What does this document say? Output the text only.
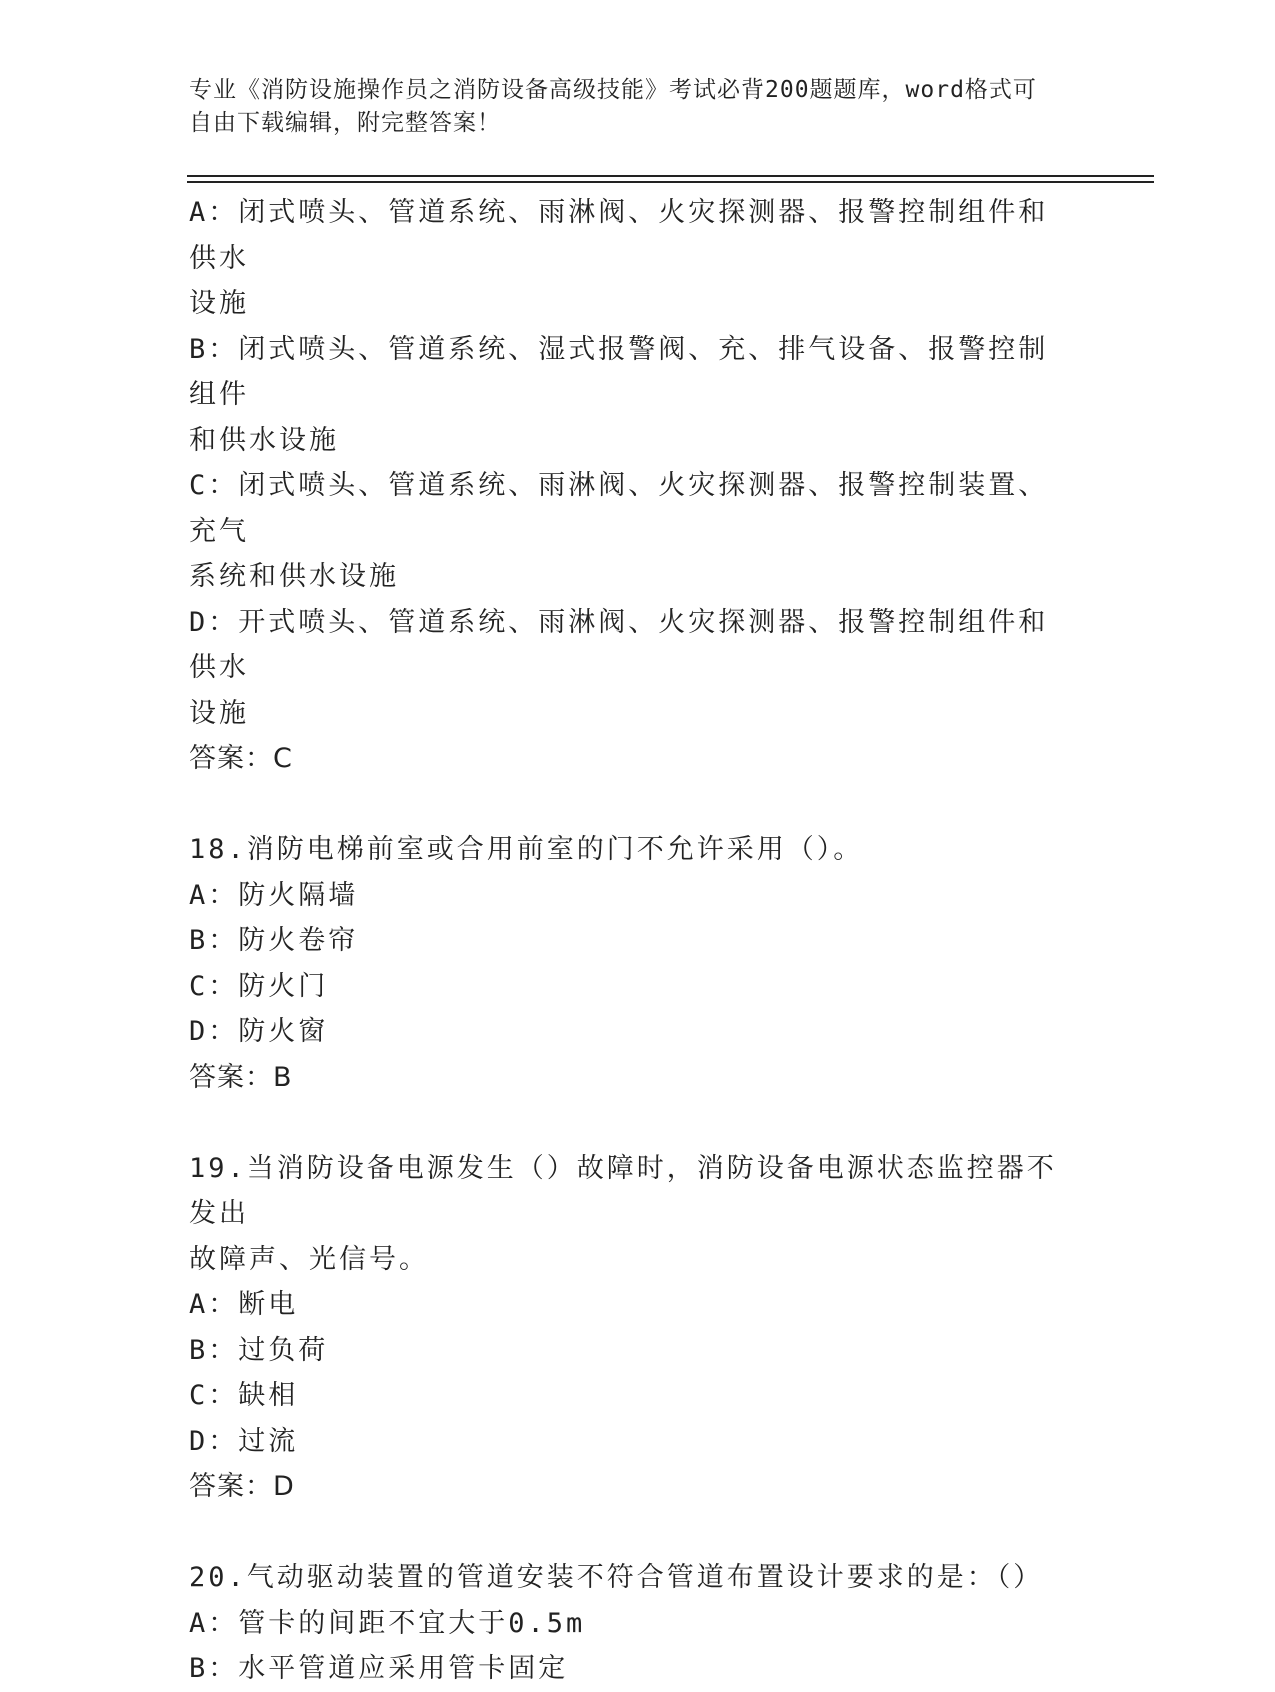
专业《消防设施操作员之消防设备高级技能》考试必背200题题库，word格式可
自由下载编辑，附完整答案！
A：闭式喷头、管道系统、雨淋阀、火灾探测器、报警控制组件和供水
设施
B：闭式喷头、管道系统、湿式报警阀、充、排气设备、报警控制组件
和供水设施
C：闭式喷头、管道系统、雨淋阀、火灾探测器、报警控制装置、充气
系统和供水设施
D：开式喷头、管道系统、雨淋阀、火灾探测器、报警控制组件和供水
设施
答案：C
18.消防电梯前室或合用前室的门不允许采用（）。
A：防火隔墙
B：防火卷帘
C：防火门
D：防火窗
答案：B
19.当消防设备电源发生（）故障时，消防设备电源状态监控器不发出
故障声、光信号。
A：断电
B：过负荷
C：缺相
D：过流
答案：D
20.气动驱动装置的管道安装不符合管道布置设计要求的是：（）
A：管卡的间距不宜大于0.5m
B：水平管道应采用管卡固定
